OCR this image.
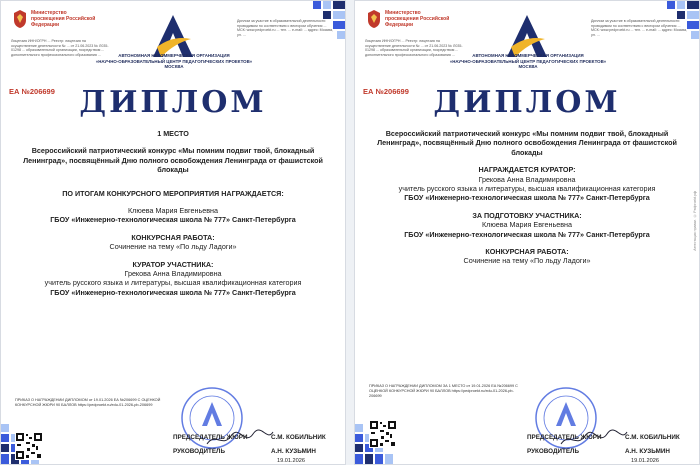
Министерство просвещения Российской Федерации
Лицензия ИНН/ОГРН ... Реестр: лицензия на осуществление деятельности № ... от 21.06.2023 № Л035-01298 ... образовательной организации, посредством ... дополнительного профессионального образования ...	АВТОНОМНАЯ НЕКОММЕРЧЕСКАЯ ОРГАНИЗАЦИЯ
«НАУЧНО-ОБРАЗОВАТЕЛЬНЫЙ ЦЕНТР ПЕДАГОГИЧЕСКИХ ПРОЕКТОВ»
МОСКВА
Диплом за участие в образовательной деятельности проводимом по соответствию с вектором обучения ... МСК: www.pedproekt.ru ... тел. ... e-mail: ... адрес: Москва, ул. ...
ЕА №206699 ДИПЛОМ
1 МЕСТО
Всероссийский патриотический конкурс «Мы помним подвиг твой, блокадный Ленинград», посвящённый Дню полного освобождения Ленинграда от фашистской блокады
ПО ИТОГАМ КОНКУРСНОГО МЕРОПРИЯТИЯ НАГРАЖДАЕТСЯ:
Клюева Мария Евгеньевна
ГБОУ «Инженерно-технологическая школа № 777» Санкт-Петербурга
КОНКУРСНАЯ РАБОТА:
Сочинение на тему «По льду Ладоги»
КУРАТОР УЧАСТНИКА:
Грекова Анна Владимировна
учитель русского языка и литературы, высшая квалификационная категория
ГБОУ «Инженерно-технологическая школа № 777» Санкт-Петербурга
ПРИКАЗ О НАГРАЖДЕНИИ ДИПЛОМОМ от 19.01.2026 ЕА №206699 С ОЦЕНКОЙ КОНКУРСНОЙ ЖЮРИ 90 БАЛЛОВ https://pedproekt.ru/edu-01-2026-pb-206699
ПРЕДСЕДАТЕЛЬ ЖЮРИ	С.М. КОБИЛЬНИК
РУКОВОДИТЕЛЬ	А.Н. КУЗЬМИН
19.01.2026
Министерство просвещения Российской Федерации
Лицензия ИНН/ОГРН ... Реестр: лицензия на осуществление деятельности № ... от 21.06.2023 № Л035-01298 ... образовательной организации, посредством ... дополнительного профессионального образования ...	АВТОНОМНАЯ НЕКОММЕРЧЕСКАЯ ОРГАНИЗАЦИЯ
«НАУЧНО-ОБРАЗОВАТЕЛЬНЫЙ ЦЕНТР ПЕДАГОГИЧЕСКИХ ПРОЕКТОВ»
МОСКВА
Диплом за участие в образовательной деятельности проводимом по соответствию с вектором обучения ... МСК: www.pedproekt.ru ... тел. ... e-mail: ... адрес: Москва, ул. ...
ЕА №206699 ДИПЛОМ
Всероссийский патриотический конкурс «Мы помним подвиг твой, блокадный Ленинград», посвящённый Дню полного освобождения Ленинграда от фашистской блокады
НАГРАЖДАЕТСЯ КУРАТОР:
Грекова Анна Владимировна
учитель русского языка и литературы, высшая квалификационная категория
ГБОУ «Инженерно-технологическая школа № 777» Санкт-Петербурга
ЗА ПОДГОТОВКУ УЧАСТНИКА:
Клюева Мария Евгеньевна
ГБОУ «Инженерно-технологическая школа № 777» Санкт-Петербурга
КОНКУРСНАЯ РАБОТА:
Сочинение на тему «По льду Ладоги»
Аттестация правил. © Pedproekt.рф
ПРИКАЗ О НАГРАЖДЕНИИ ДИПЛОМОМ ЗА 1 МЕСТО от 19.01.2026 ЕА №206699 С ОЦЕНКОЙ КОНКУРСНОЙ ЖЮРИ 90 БАЛЛОВ https://pedproekt.ru/edu-01-2026-pb-206699
ПРЕДСЕДАТЕЛЬ ЖЮРИ	С.М. КОБИЛЬНИК
РУКОВОДИТЕЛЬ	А.Н. КУЗЬМИН
19.01.2026
